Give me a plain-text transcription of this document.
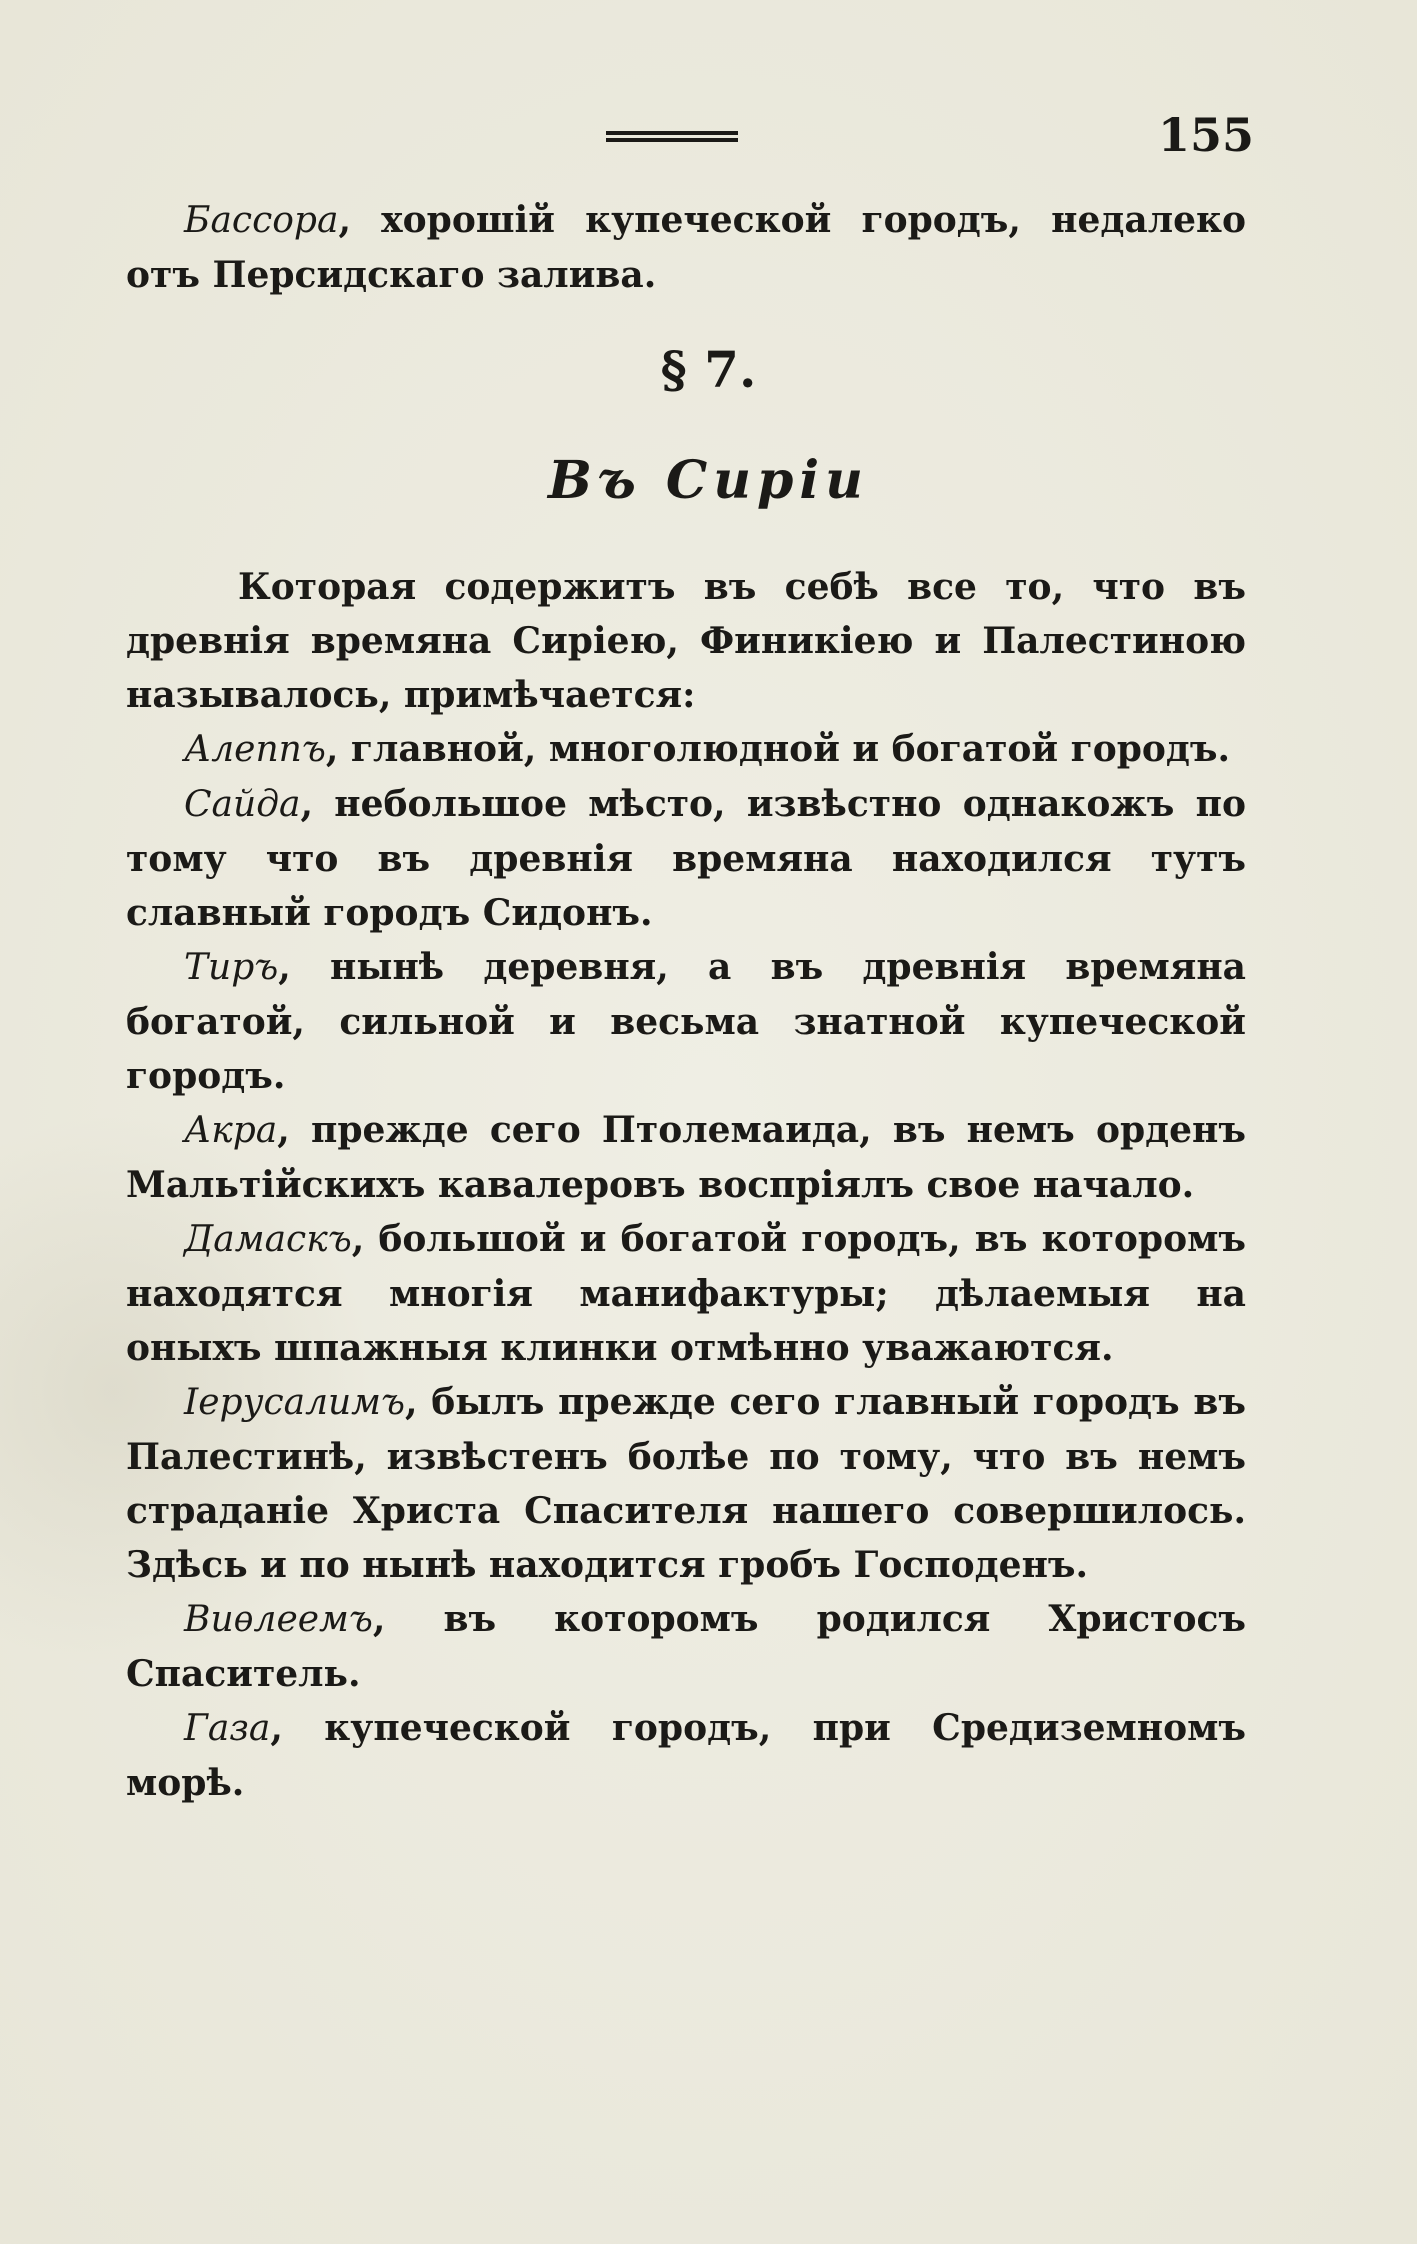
155
Бассора, хорошій купеческой городъ, недалеко отъ Персидскаго залива.
§ 7.
Въ Сиріи

Которая содержитъ въ себѣ все то, что въ древнія времяна Сиріею, Финикіею и Палестиною называлось, примѣчается:

Алеппъ, главной, многолюдной и богатой городъ.

Сайда, небольшое мѣсто, извѣстно однакожъ по тому что въ древнія времяна находился тутъ славный городъ Сидонъ.

Тиръ, нынѣ деревня, а въ древнія времяна богатой, сильной и весьма знатной купеческой городъ.

Акра, прежде сего Птолемаида, въ немъ орденъ Мальтійскихъ кавалеровъ воспріялъ свое начало.

Дамаскъ, большой и богатой городъ, въ которомъ находятся многія манифактуры; дѣлаемыя на оныхъ шпажныя клинки отмѣнно уважаются.

Іерусалимъ, былъ прежде сего главный городъ въ Палестинѣ, извѣстенъ болѣе по тому, что въ немъ страданіе Христа Спасителя нашего совершилось. Здѣсь и по нынѣ находится гробъ Господенъ.

Виѳлеемъ, въ которомъ родился Христосъ Спаситель.

Газа, купеческой городъ, при Средиземномъ морѣ.
